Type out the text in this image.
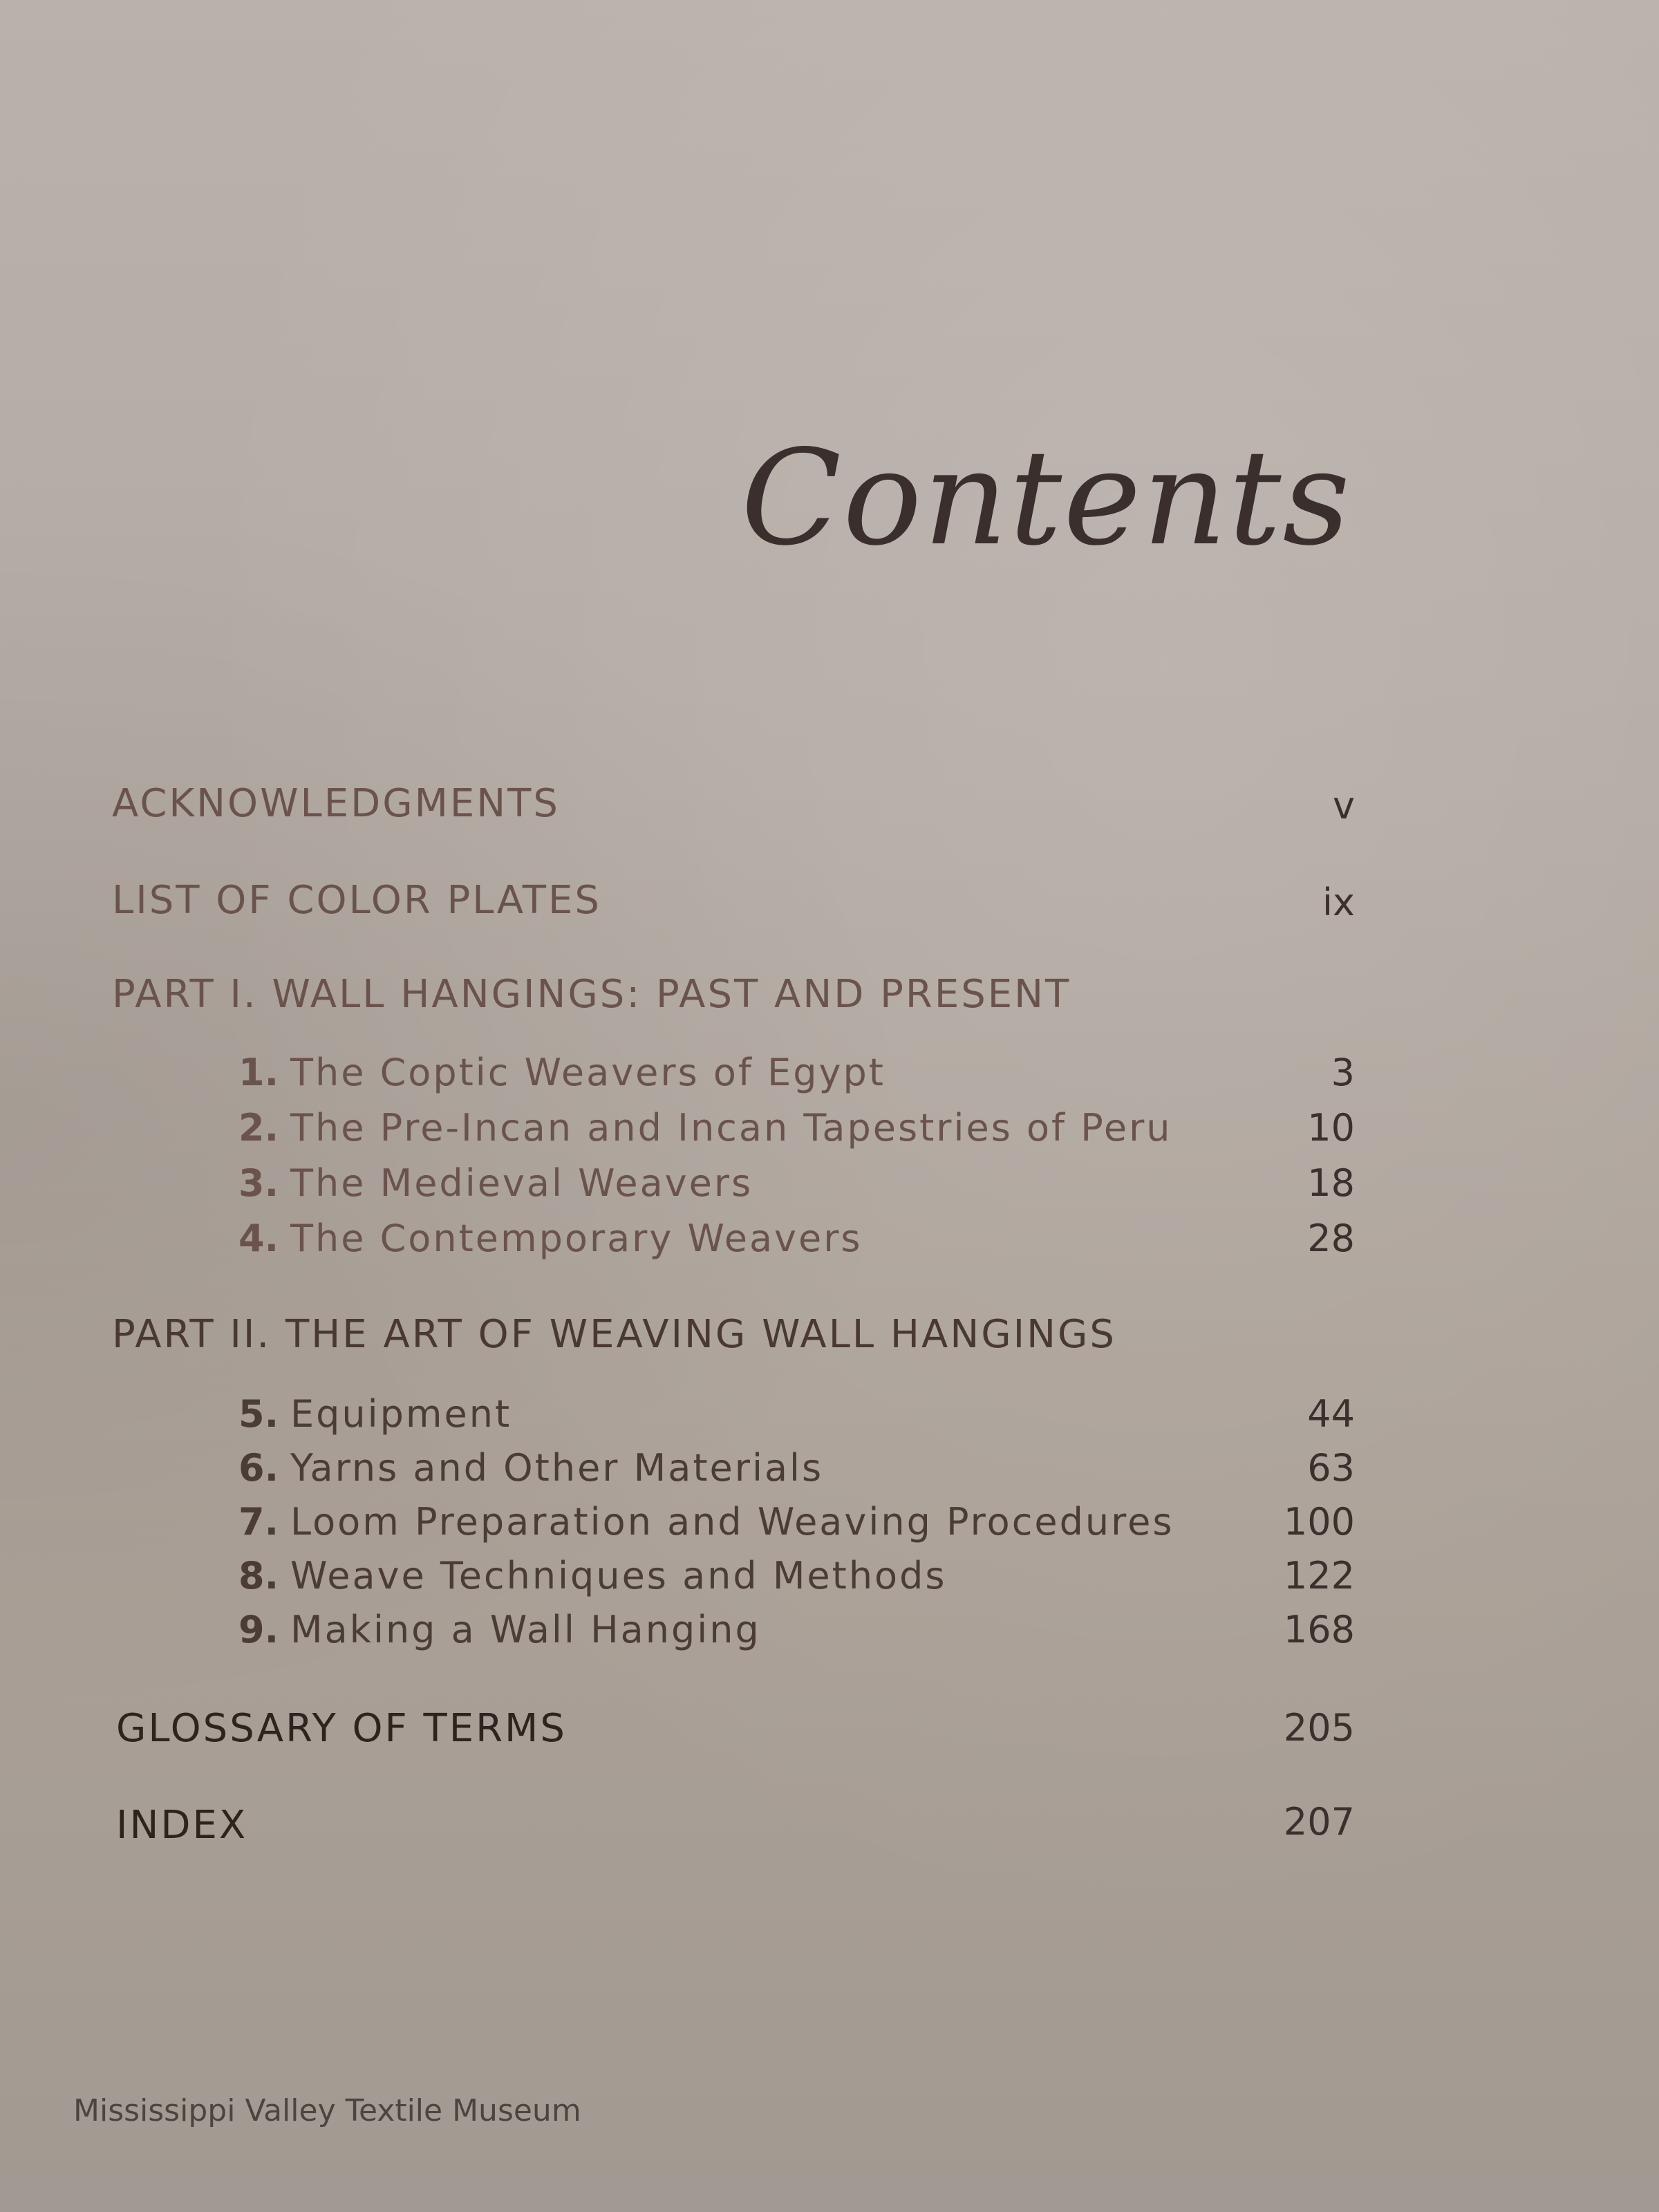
Contents
ACKNOWLEDGMENTS	v
LIST OF COLOR PLATES	ix
PART I. WALL HANGINGS: PAST AND PRESENT
1. The Coptic Weavers of Egypt	3
2. The Pre-Incan and Incan Tapestries of Peru	10
3. The Medieval Weavers	18
4. The Contemporary Weavers	28
PART II. THE ART OF WEAVING WALL HANGINGS
5. Equipment	44
6. Yarns and Other Materials	63
7. Loom Preparation and Weaving Procedures	100
8. Weave Techniques and Methods	122
9. Making a Wall Hanging	168
GLOSSARY OF TERMS	205
INDEX	207
Mississippi Valley Textile Museum
